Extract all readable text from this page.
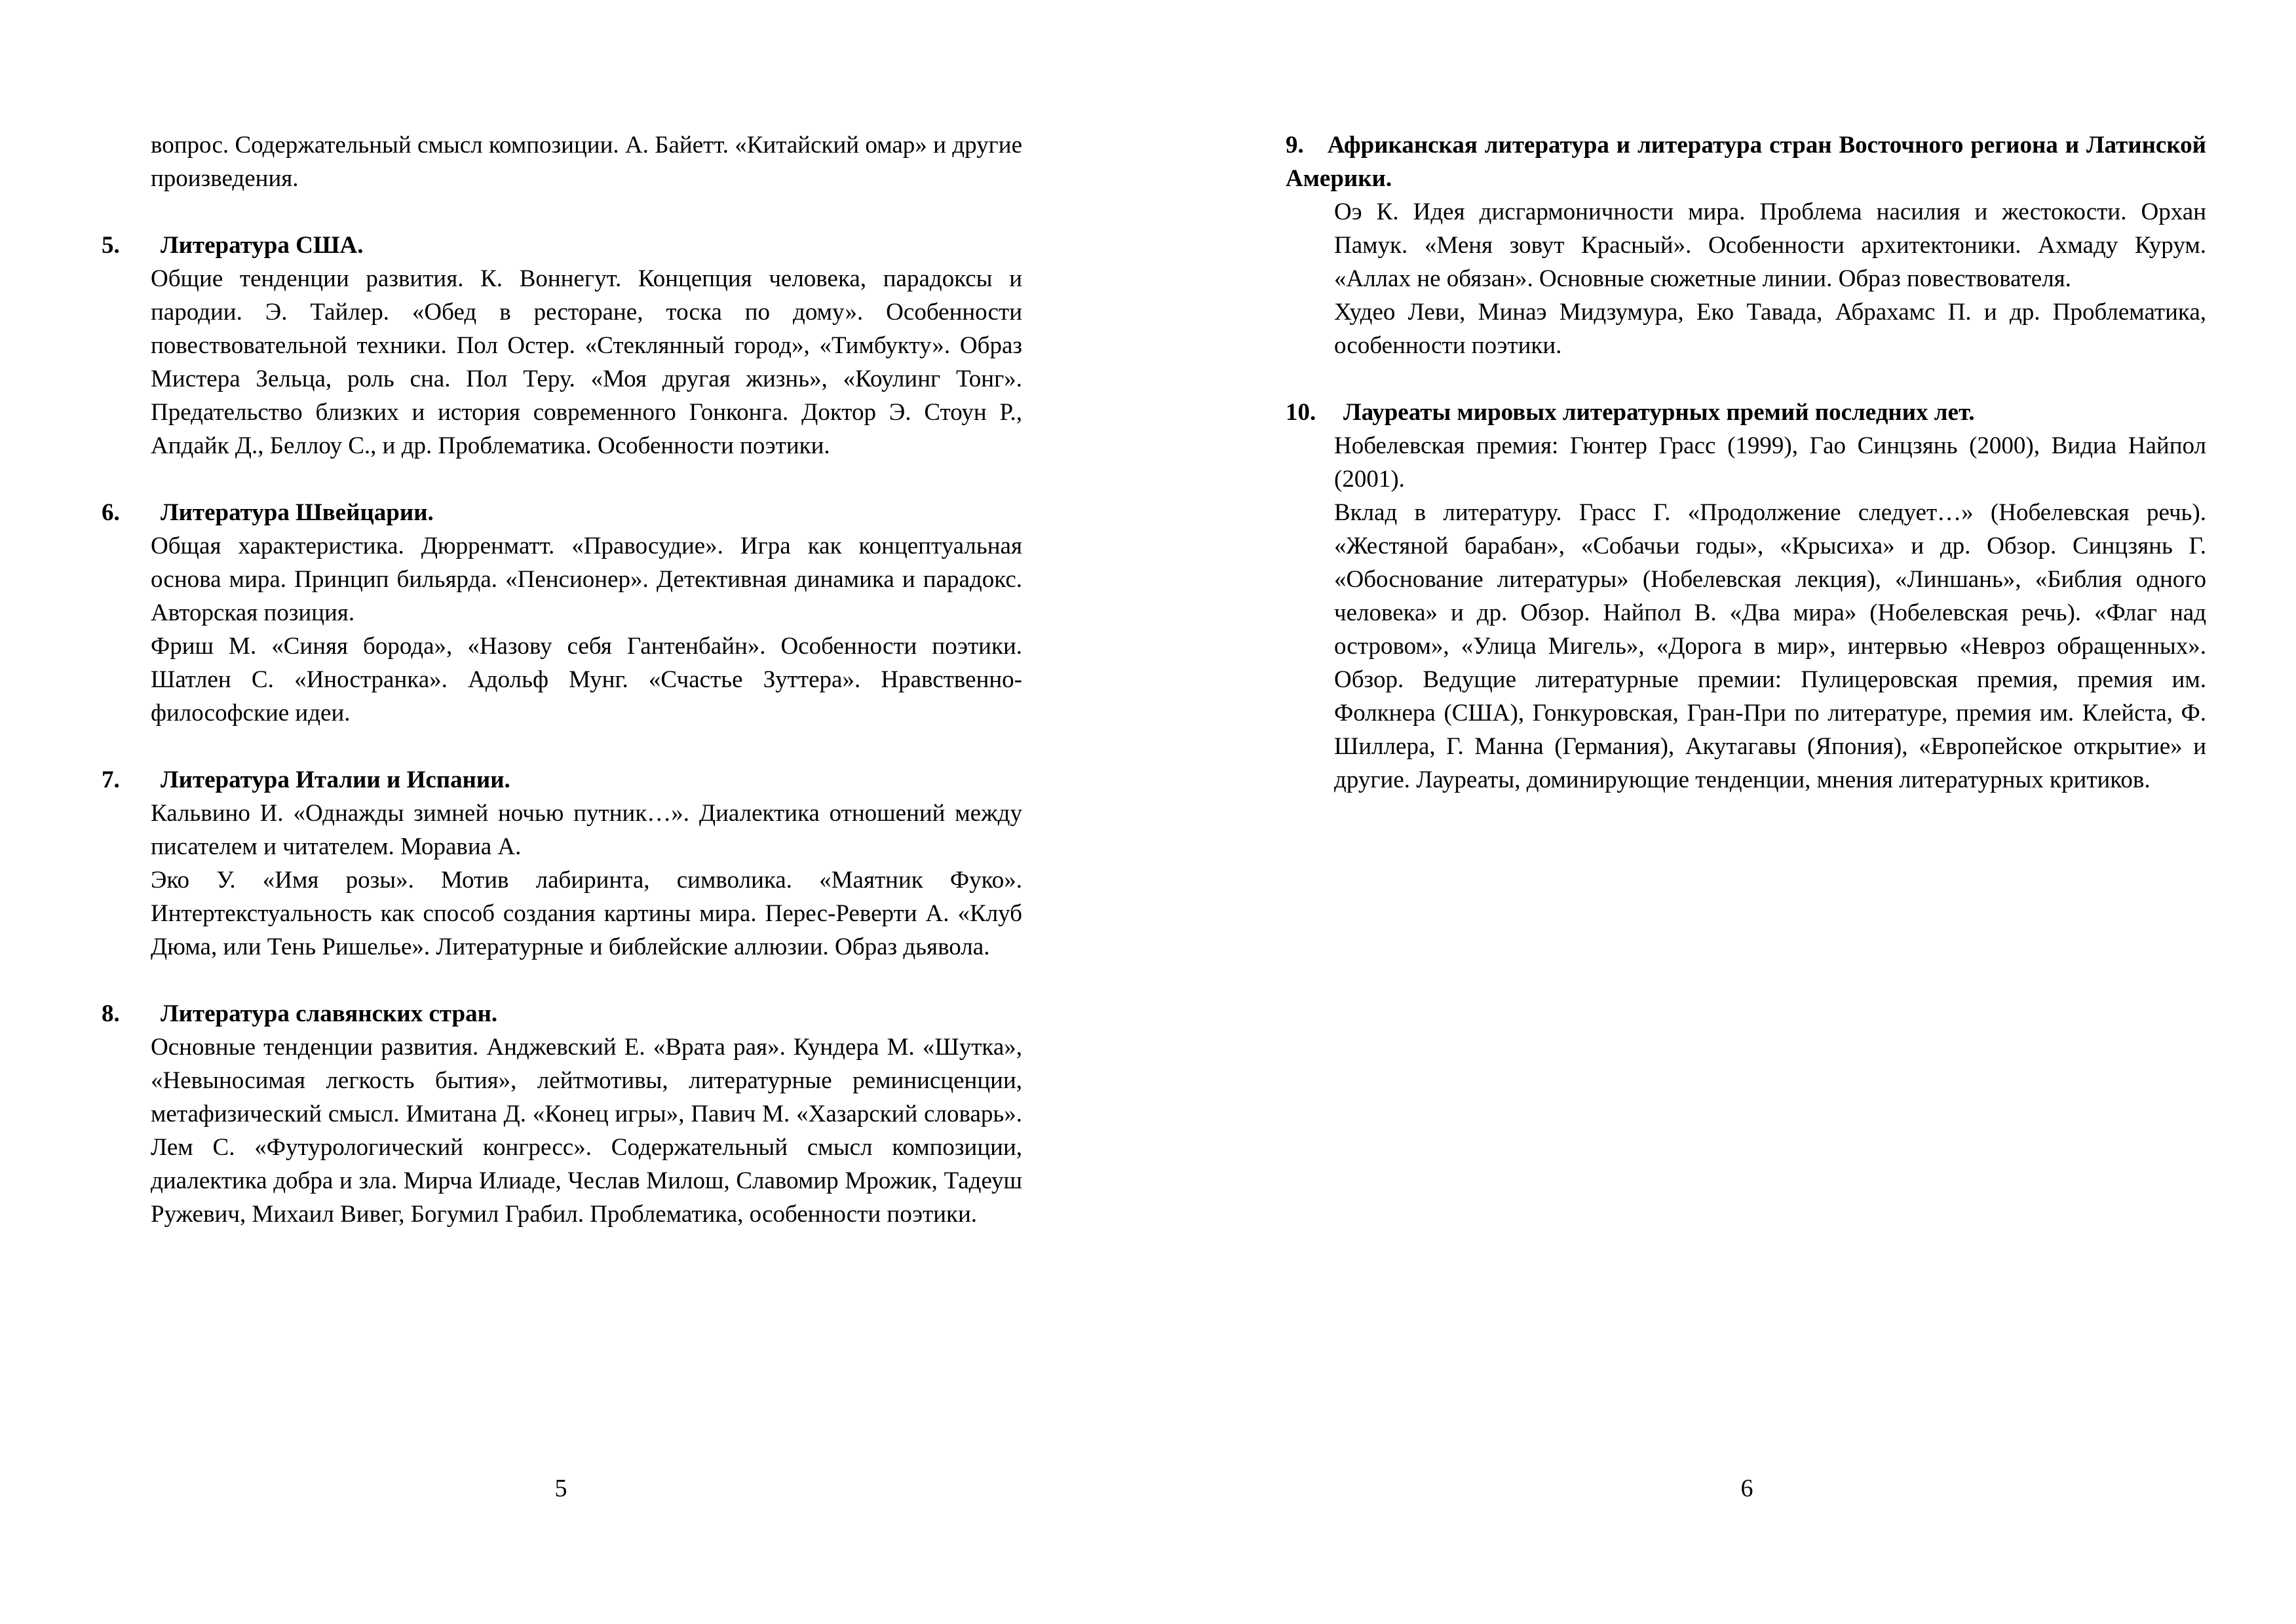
вопрос. Содержательный смысл композиции. А. Байетт. «Китайский омар» и другие произведения.
5.	Литература США.
Общие тенденции развития. К. Воннегут. Концепция человека, парадоксы и пародии. Э. Тайлер. «Обед в ресторане, тоска по дому». Особенности повествовательной техники. Пол Остер. «Стеклянный город», «Тимбукту». Образ Мистера Зельца, роль сна. Пол Теру. «Моя другая жизнь», «Коулинг Тонг». Предательство близких и история современного Гонконга. Доктор Э. Стоун Р., Апдайк Д., Беллоу С., и др. Проблематика. Особенности поэтики.
6.	Литература Швейцарии.
Общая характеристика. Дюрренматт. «Правосудие». Игра как концептуальная основа мира. Принцип бильярда. «Пенсионер». Детективная динамика и парадокс. Авторская позиция.
Фриш М. «Синяя борода», «Назову себя Гантенбайн». Особенности поэтики. Шатлен С. «Иностранка». Адольф Мунг. «Счастье Зуттера». Нравственно-философские идеи.
7.	Литература Италии и Испании.
Кальвино И. «Однажды зимней ночью путник…». Диалектика отношений между писателем и читателем. Моравиа А.
Эко У. «Имя розы». Мотив лабиринта, символика. «Маятник Фуко». Интертекстуальность как способ создания картины мира. Перес-Реверти А. «Клуб Дюма, или Тень Ришелье». Литературные и библейские аллюзии. Образ дьявола.
8.	Литература славянских стран.
Основные тенденции развития. Анджевский Е. «Врата рая». Кундера М. «Шутка», «Невыносимая легкость бытия», лейтмотивы, литературные реминисценции, метафизический смысл. Имитана Д. «Конец игры», Павич М. «Хазарский словарь». Лем С. «Футурологический конгресс». Содержательный смысл композиции, диалектика добра и зла. Мирча Илиаде, Чеслав Милош, Славомир Мрожик, Тадеуш Ружевич, Михаил Вивег, Богумил Грабил. Проблематика, особенности поэтики.
5
9. Африканская литература и литература стран Восточного региона и Латинской Америки.
Оэ К. Идея дисгармоничности мира. Проблема насилия и жестокости. Орхан Памук. «Меня зовут Красный». Особенности архитектоники. Ахмаду Курум. «Аллах не обязан». Основные сюжетные линии. Образ повествователя.
Худео Леви, Минаэ Мидзумура, Еко Тавада, Абрахамс П. и др. Проблематика, особенности поэтики.
10.	Лауреаты мировых литературных премий последних лет.
Нобелевская премия: Гюнтер Грасс (1999), Гао Синцзянь (2000), Видиа Найпол (2001).
Вклад в литературу. Грасс Г. «Продолжение следует…» (Нобелевская речь). «Жестяной барабан», «Собачьи годы», «Крысиха» и др. Обзор. Синцзянь Г. «Обоснование литературы» (Нобелевская лекция), «Линшань», «Библия одного человека» и др. Обзор. Найпол В. «Два мира» (Нобелевская речь). «Флаг над островом», «Улица Мигель», «Дорога в мир», интервью «Невроз обращенных». Обзор. Ведущие литературные премии: Пулицеровская премия, премия им. Фолкнера (США), Гонкуровская, Гран-При по литературе, премия им. Клейста, Ф. Шиллера, Г. Манна (Германия), Акутагавы (Япония), «Европейское открытие» и другие. Лауреаты, доминирующие тенденции, мнения литературных критиков.
6
